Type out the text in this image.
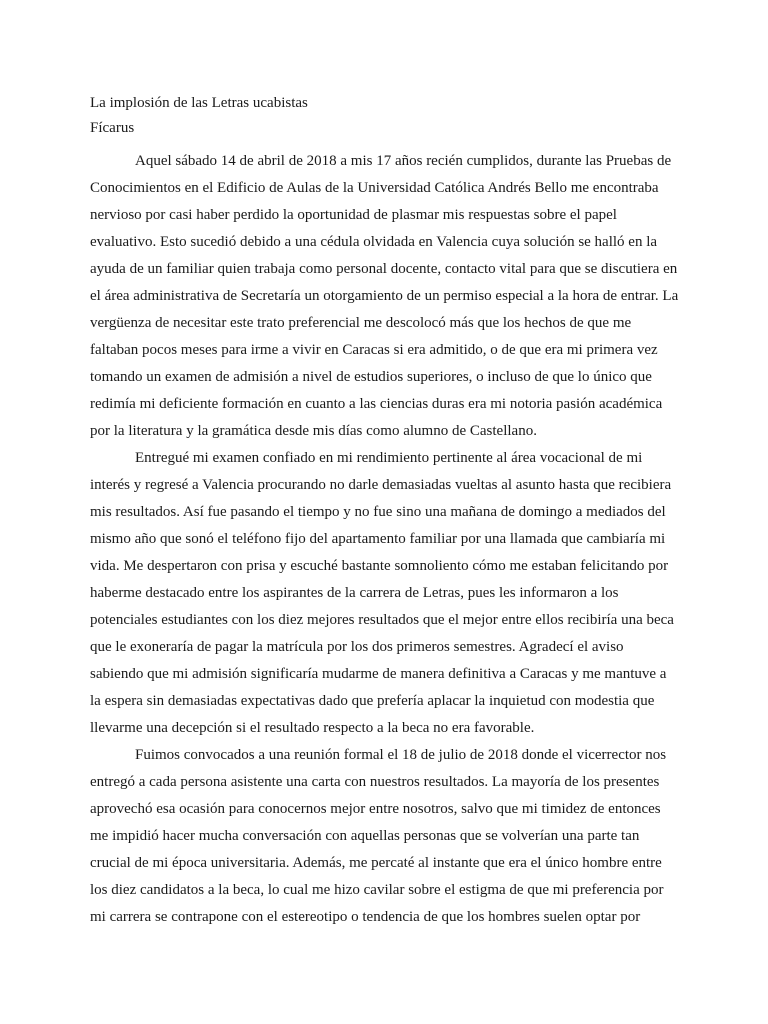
La implosión de las Letras ucabistas

Fícarus

Aquel sábado 14 de abril de 2018 a mis 17 años recién cumplidos, durante las Pruebas de Conocimientos en el Edificio de Aulas de la Universidad Católica Andrés Bello me encontraba nervioso por casi haber perdido la oportunidad de plasmar mis respuestas sobre el papel evaluativo. Esto sucedió debido a una cédula olvidada en Valencia cuya solución se halló en la ayuda de un familiar quien trabaja como personal docente, contacto vital para que se discutiera en el área administrativa de Secretaría un otorgamiento de un permiso especial a la hora de entrar. La vergüenza de necesitar este trato preferencial me descolocó más que los hechos de que me faltaban pocos meses para irme a vivir en Caracas si era admitido, o de que era mi primera vez tomando un examen de admisión a nivel de estudios superiores, o incluso de que lo único que redimía mi deficiente formación en cuanto a las ciencias duras era mi notoria pasión académica por la literatura y la gramática desde mis días como alumno de Castellano.

Entregué mi examen confiado en mi rendimiento pertinente al área vocacional de mi interés y regresé a Valencia procurando no darle demasiadas vueltas al asunto hasta que recibiera mis resultados. Así fue pasando el tiempo y no fue sino una mañana de domingo a mediados del mismo año que sonó el teléfono fijo del apartamento familiar por una llamada que cambiaría mi vida. Me despertaron con prisa y escuché bastante somnoliento cómo me estaban felicitando por haberme destacado entre los aspirantes de la carrera de Letras, pues les informaron a los potenciales estudiantes con los diez mejores resultados que el mejor entre ellos recibiría una beca que le exoneraría de pagar la matrícula por los dos primeros semestres. Agradecí el aviso sabiendo que mi admisión significaría mudarme de manera definitiva a Caracas y me mantuve a la espera sin demasiadas expectativas dado que prefería aplacar la inquietud con modestia que llevarme una decepción si el resultado respecto a la beca no era favorable.

Fuimos convocados a una reunión formal el 18 de julio de 2018 donde el vicerrector nos entregó a cada persona asistente una carta con nuestros resultados. La mayoría de los presentes aprovechó esa ocasión para conocernos mejor entre nosotros, salvo que mi timidez de entonces me impidió hacer mucha conversación con aquellas personas que se volverían una parte tan crucial de mi época universitaria. Además, me percaté al instante que era el único hombre entre los diez candidatos a la beca, lo cual me hizo cavilar sobre el estigma de que mi preferencia por mi carrera se contrapone con el estereotipo o tendencia de que los hombres suelen optar por
